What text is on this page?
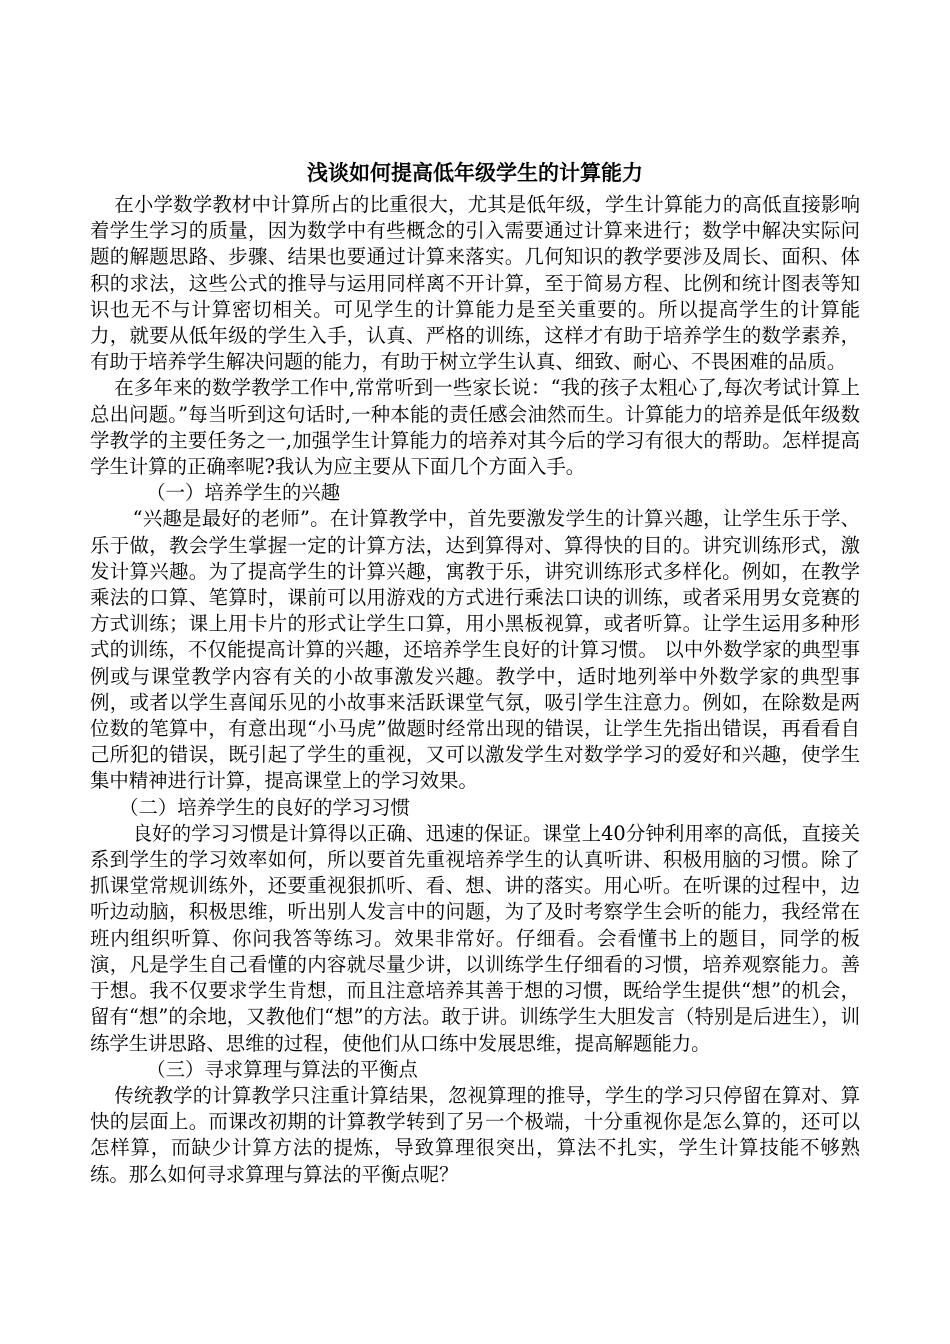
浅谈如何提高低年级学生的计算能力

在小学数学教材中计算所占的比重很大，尤其是低年级，学生计算能力的高低直接影响着学生学习的质量，因为数学中有些概念的引入需要通过计算来进行；数学中解决实际问题的解题思路、步骤、结果也要通过计算来落实。几何知识的教学要涉及周长、面积、体积的求法，这些公式的推导与运用同样离不开计算，至于简易方程、比例和统计图表等知识也无不与计算密切相关。可见学生的计算能力是至关重要的。所以提高学生的计算能力，就要从低年级的学生入手，认真、严格的训练，这样才有助于培养学生的数学素养，有助于培养学生解决问题的能力，有助于树立学生认真、细致、耐心、不畏困难的品质。

在多年来的数学教学工作中,常常听到一些家长说：“我的孩子太粗心了,每次考试计算上总出问题。”每当听到这句话时,一种本能的责任感会油然而生。计算能力的培养是低年级数学教学的主要任务之一,加强学生计算能力的培养对其今后的学习有很大的帮助。怎样提高学生计算的正确率呢?我认为应主要从下面几个方面入手。

（一）培养学生的兴趣

“兴趣是最好的老师”。在计算教学中，首先要激发学生的计算兴趣，让学生乐于学、乐于做，教会学生掌握一定的计算方法，达到算得对、算得快的目的。讲究训练形式，激发计算兴趣。为了提高学生的计算兴趣，寓教于乐，讲究训练形式多样化。例如，在教学乘法的口算、笔算时，课前可以用游戏的方式进行乘法口诀的训练，或者采用男女竞赛的方式训练；课上用卡片的形式让学生口算，用小黑板视算，或者听算。让学生运用多种形式的训练，不仅能提高计算的兴趣，还培养学生良好的计算习惯。 以中外数学家的典型事例或与课堂教学内容有关的小故事激发兴趣。教学中，适时地列举中外数学家的典型事例，或者以学生喜闻乐见的小故事来活跃课堂气氛，吸引学生注意力。例如，在除数是两位数的笔算中，有意出现“小马虎”做题时经常出现的错误，让学生先指出错误，再看看自己所犯的错误，既引起了学生的重视，又可以激发学生对数学学习的爱好和兴趣，使学生集中精神进行计算，提高课堂上的学习效果。

（二）培养学生的良好的学习习惯

良好的学习习惯是计算得以正确、迅速的保证。课堂上40分钟利用率的高低，直接关系到学生的学习效率如何，所以要首先重视培养学生的认真听讲、积极用脑的习惯。除了抓课堂常规训练外，还要重视狠抓听、看、想、讲的落实。用心听。在听课的过程中，边听边动脑，积极思维，听出别人发言中的问题，为了及时考察学生会听的能力，我经常在班内组织听算、你问我答等练习。效果非常好。仔细看。会看懂书上的题目，同学的板演，凡是学生自己看懂的内容就尽量少讲，以训练学生仔细看的习惯，培养观察能力。善于想。我不仅要求学生肯想，而且注意培养其善于想的习惯，既给学生提供“想”的机会，留有“想”的余地，又教他们“想”的方法。敢于讲。训练学生大胆发言（特别是后进生），训练学生讲思路、思维的过程，使他们从口练中发展思维，提高解题能力。

（三）寻求算理与算法的平衡点

传统教学的计算教学只注重计算结果，忽视算理的推导，学生的学习只停留在算对、算快的层面上。而课改初期的计算教学转到了另一个极端，十分重视你是怎么算的，还可以怎样算，而缺少计算方法的提炼，导致算理很突出，算法不扎实，学生计算技能不够熟练。那么如何寻求算理与算法的平衡点呢？
